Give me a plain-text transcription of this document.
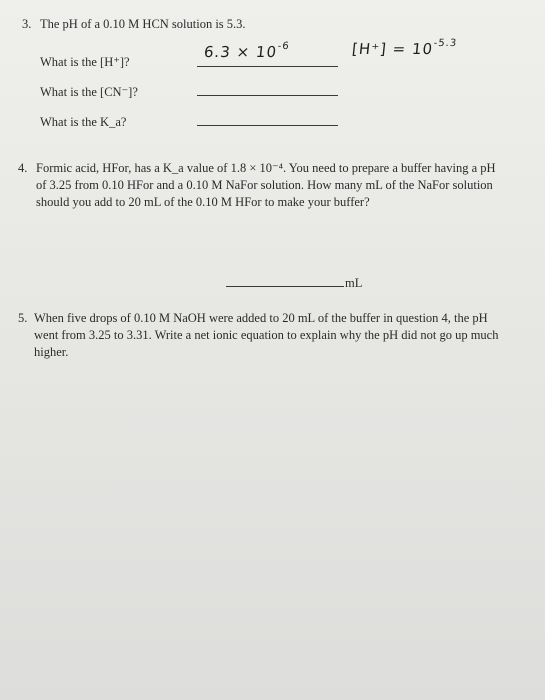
3. The pH of a 0.10 M HCN solution is 5.3.
What is the [H⁺]?
$6.3 \times 10^{-6}$	$[H^+] = 10^{-5.3}$
What is the [CN⁻]?
What is the K_a?
4. Formic acid, HFor, has a K_a value of 1.8 × 10⁻⁴. You need to prepare a buffer having a pH
of 3.25 from 0.10 HFor and a 0.10 M NaFor solution. How many mL of the NaFor solution
should you add to 20 mL of the 0.10 M HFor to make your buffer?
mL
5. When five drops of 0.10 M NaOH were added to 20 mL of the buffer in question 4, the pH
went from 3.25 to 3.31. Write a net ionic equation to explain why the pH did not go up much
higher.
